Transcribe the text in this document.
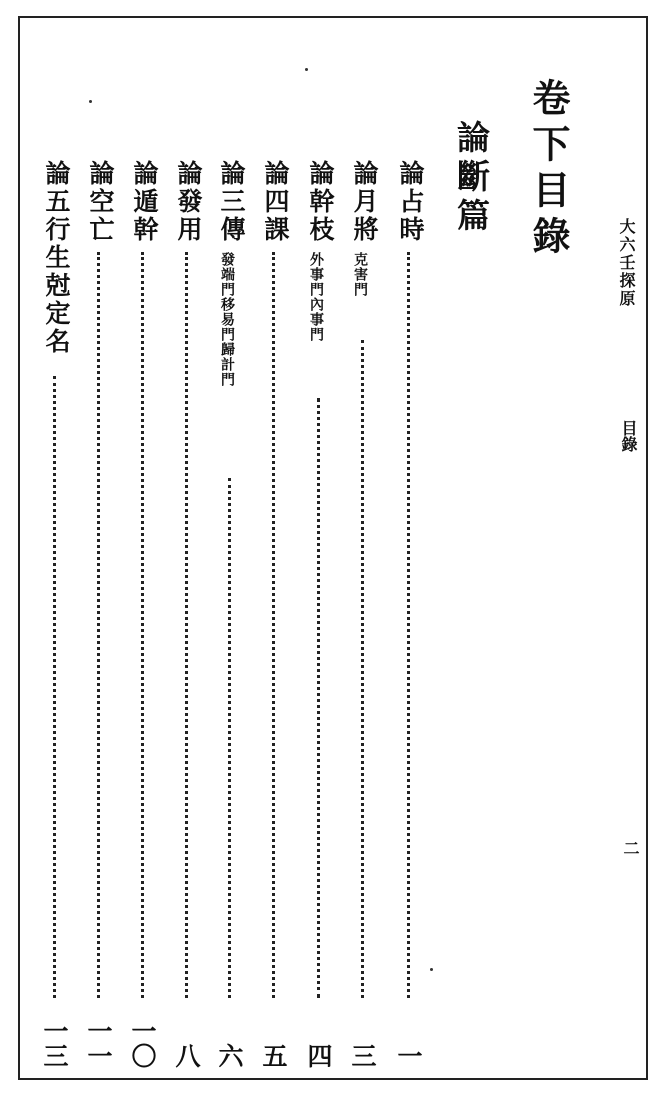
大六壬探原
目錄
二
卷下目錄
論斷篇
論占時
一
論月將
克害門
三
論幹枝
外事門內事門
四
論四課
五
論三傳
發端門移易門歸計門
六
論發用
八
論遁幹
一〇
論空亡
一一
論五行生尅定名
一三
